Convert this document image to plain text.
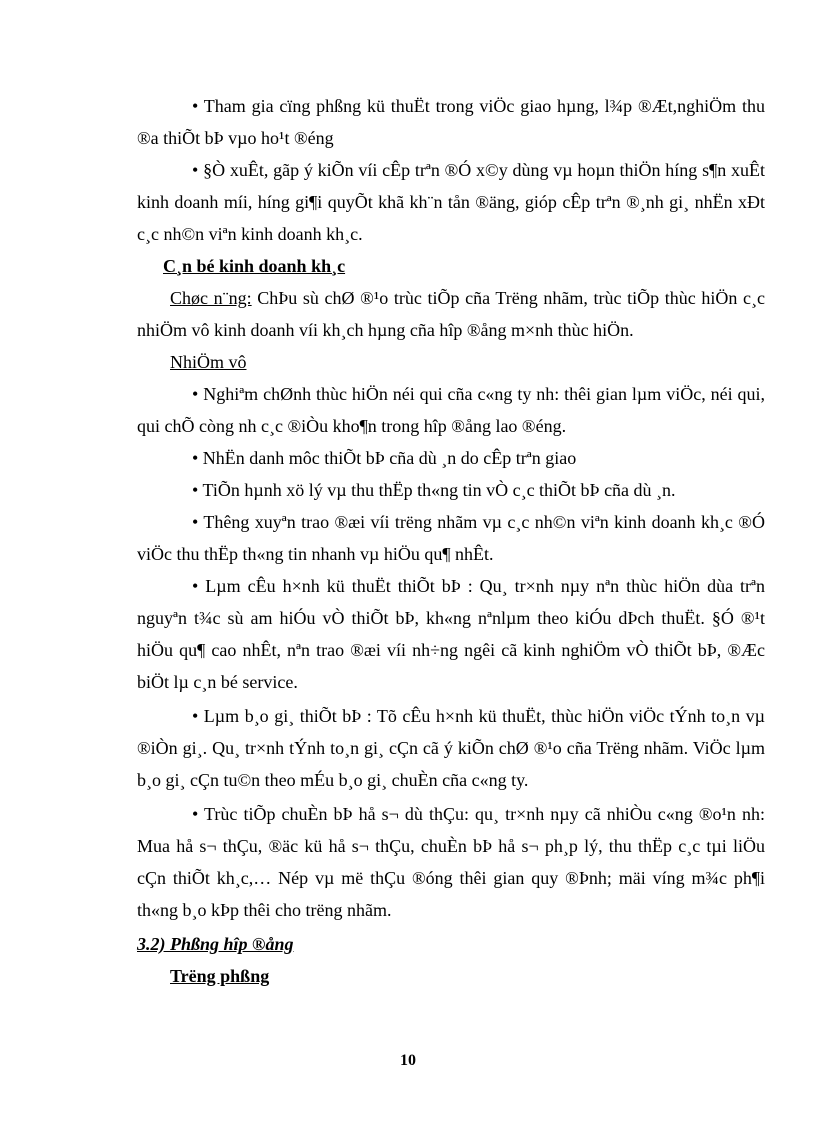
• Tham gia cïng phßng kü thuËt trong viÖc giao hµng, l¾p ®Æt,nghiÖm thu ®a thiÕt bÞ vµo ho¹t ®éng

• §Ò xuÊt, gãp ý kiÕn víi cÊp trªn ®Ó x©y dùng vµ hoµn thiÖn híng s¶n xuÊt kinh doanh míi, híng gi¶i quyÕt khã kh¨n tån ®äng, gióp cÊp trªn ®¸nh gi¸ nhËn xÐt c¸c nh©n viªn kinh doanh kh¸c.

C¸n bé kinh doanh kh¸c

Chøc n¨ng: ChÞu sù chØ ®¹o trùc tiÕp cña Trëng nhãm, trùc tiÕp thùc hiÖn c¸c nhiÖm vô kinh doanh víi kh¸ch hµng cña hîp ®ång m×nh thùc hiÖn.

NhiÖm vô

• Nghiªm chØnh thùc hiÖn néi qui cña c«ng ty nh: thêi gian lµm viÖc, néi qui, qui chÕ còng nh c¸c ®iÒu kho¶n trong hîp ®ång lao ®éng.

• NhËn danh môc thiÕt bÞ cña dù ¸n do cÊp trªn giao

• TiÕn hµnh xö lý vµ thu thËp th«ng tin vÒ c¸c thiÕt bÞ cña dù ¸n.

• Thêng xuyªn trao ®æi víi trëng nhãm vµ c¸c nh©n viªn kinh doanh kh¸c ®Ó viÖc thu thËp th«ng tin nhanh vµ hiÖu qu¶ nhÊt.

• Lµm cÊu h×nh kü thuËt thiÕt bÞ : Qu¸ tr×nh nµy nªn thùc hiÖn dùa trªn nguyªn t¾c sù am hiÓu vÒ thiÕt bÞ, kh«ng nªnlµm theo kiÓu dÞch thuËt. §Ó ®¹t hiÖu qu¶ cao nhÊt, nªn trao ®æi víi nh÷ng ngêi cã kinh nghiÖm vÒ thiÕt bÞ, ®Æc biÖt lµ c¸n bé service.

• Lµm b¸o gi¸ thiÕt bÞ : Tõ cÊu h×nh kü thuËt, thùc hiÖn viÖc tÝnh to¸n vµ ®iÒn gi¸. Qu¸ tr×nh tÝnh to¸n gi¸ cÇn cã ý kiÕn chØ ®¹o cña Trëng nhãm. ViÖc lµm b¸o gi¸ cÇn tu©n theo mÉu b¸o gi¸ chuÈn cña c«ng ty.

• Trùc tiÕp chuÈn bÞ hå s¬ dù thÇu: qu¸ tr×nh nµy cã nhiÒu c«ng ®o¹n nh: Mua hå s¬ thÇu, ®äc kü hå s¬ thÇu, chuÈn bÞ hå s¬ ph¸p lý, thu thËp c¸c tµi liÖu cÇn thiÕt kh¸c,… Nép vµ më thÇu ®óng thêi gian quy ®Þnh; mäi víng m¾c ph¶i th«ng b¸o kÞp thêi cho trëng nhãm.

3.2) Phßng hîp ®ång

Trëng phßng

10
